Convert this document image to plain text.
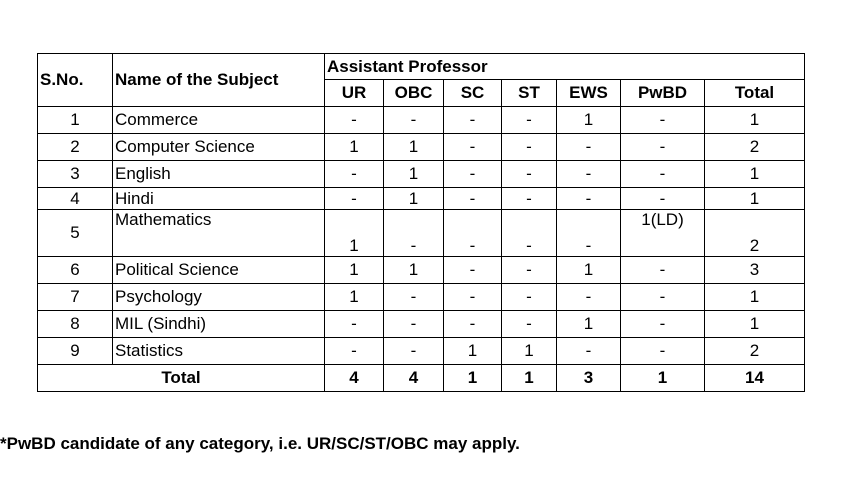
S.No.	Name of the Subject	Assistant Professor						
		UR	OBC	SC	ST	EWS	PwBD	Total
1	Commerce	-	-	-	-	1	-	1
2	Computer Science	1	1	-	-	-	-	2
3	English	-	1	-	-	-	-	1
4	Hindi	-	1	-	-	-	-	1
5	Mathematics	1	-	-	-	-	1(LD)	2
6	Political Science	1	1	-	-	1	-	3
7	Psychology	1	-	-	-	-	-	1
8	MIL (Sindhi)	-	-	-	-	1	-	1
9	Statistics	-	-	1	1	-	-	2
Total		4	4	1	1	3	1	14
*PwBD candidate of any category, i.e. UR/SC/ST/OBC may apply.
